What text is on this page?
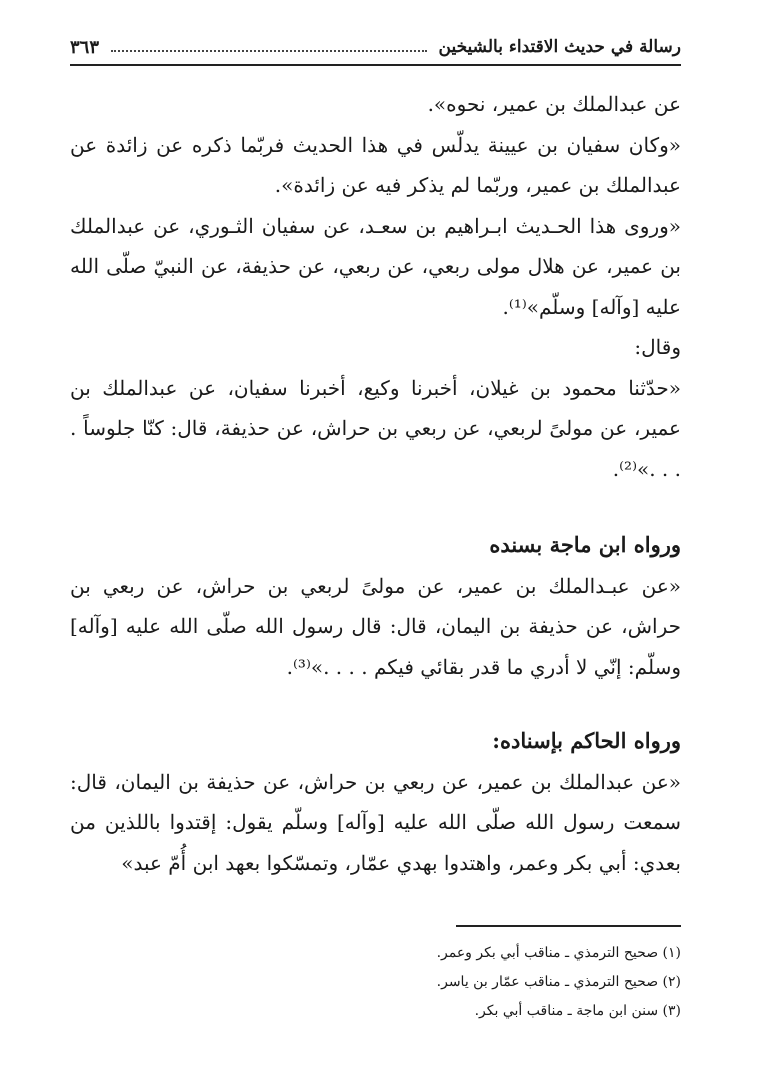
رسالة في حديث الاقتداء بالشيخين
٣٦٣

عن عبدالملك بن عمير، نحوه».

«وكان سفيان بن عيينة يدلّس في هذا الحديث فربّما ذكره عن زائدة عن عبدالملك بن عمير، وربّما لم يذكر فيه عن زائدة».

«وروى هذا الحـديث ابـراهيم بن سعـد، عن سفيان الثـوري، عن عبدالملك بن عمير، عن هلال مولى ربعي، عن ربعي، عن حذيفة، عن النبيّ صلّى الله عليه [وآله] وسلّم»⁽¹⁾.

وقال:

«حدّثنا محمود بن غيلان، أخبرنا وكيع، أخبرنا سفيان، عن عبدالملك بن عمير، عن مولىً لربعي، عن ربعي بن حراش، عن حذيفة، قال: كنّا جلوساً . . . .»⁽²⁾.

ورواه ابن ماجة بسنده

«عن عبـدالملك بن عمير، عن مولىً لربعي بن حراش، عن ربعي بن حراش، عن حذيفة بن اليمان، قال: قال رسول الله صلّى الله عليه [وآله] وسلّم: إنّي لا أدري ما قدر بقائي فيكم . . . .»⁽³⁾.

ورواه الحاكم بإسناده:

«عن عبدالملك بن عمير، عن ربعي بن حراش، عن حذيفة بن اليمان، قال: سمعت رسول الله صلّى الله عليه [وآله] وسلّم يقول: إقتدوا باللذين من بعدي: أبي بكر وعمر، واهتدوا بهدي عمّار، وتمسّكوا بعهد ابن أُمّ عبد»

(١) صحيح الترمذي ـ مناقب أبي بكر وعمر.

(٢) صحيح الترمذي ـ مناقب عمّار بن ياسر.

(٣) سنن ابن ماجة ـ مناقب أبي بكر.
